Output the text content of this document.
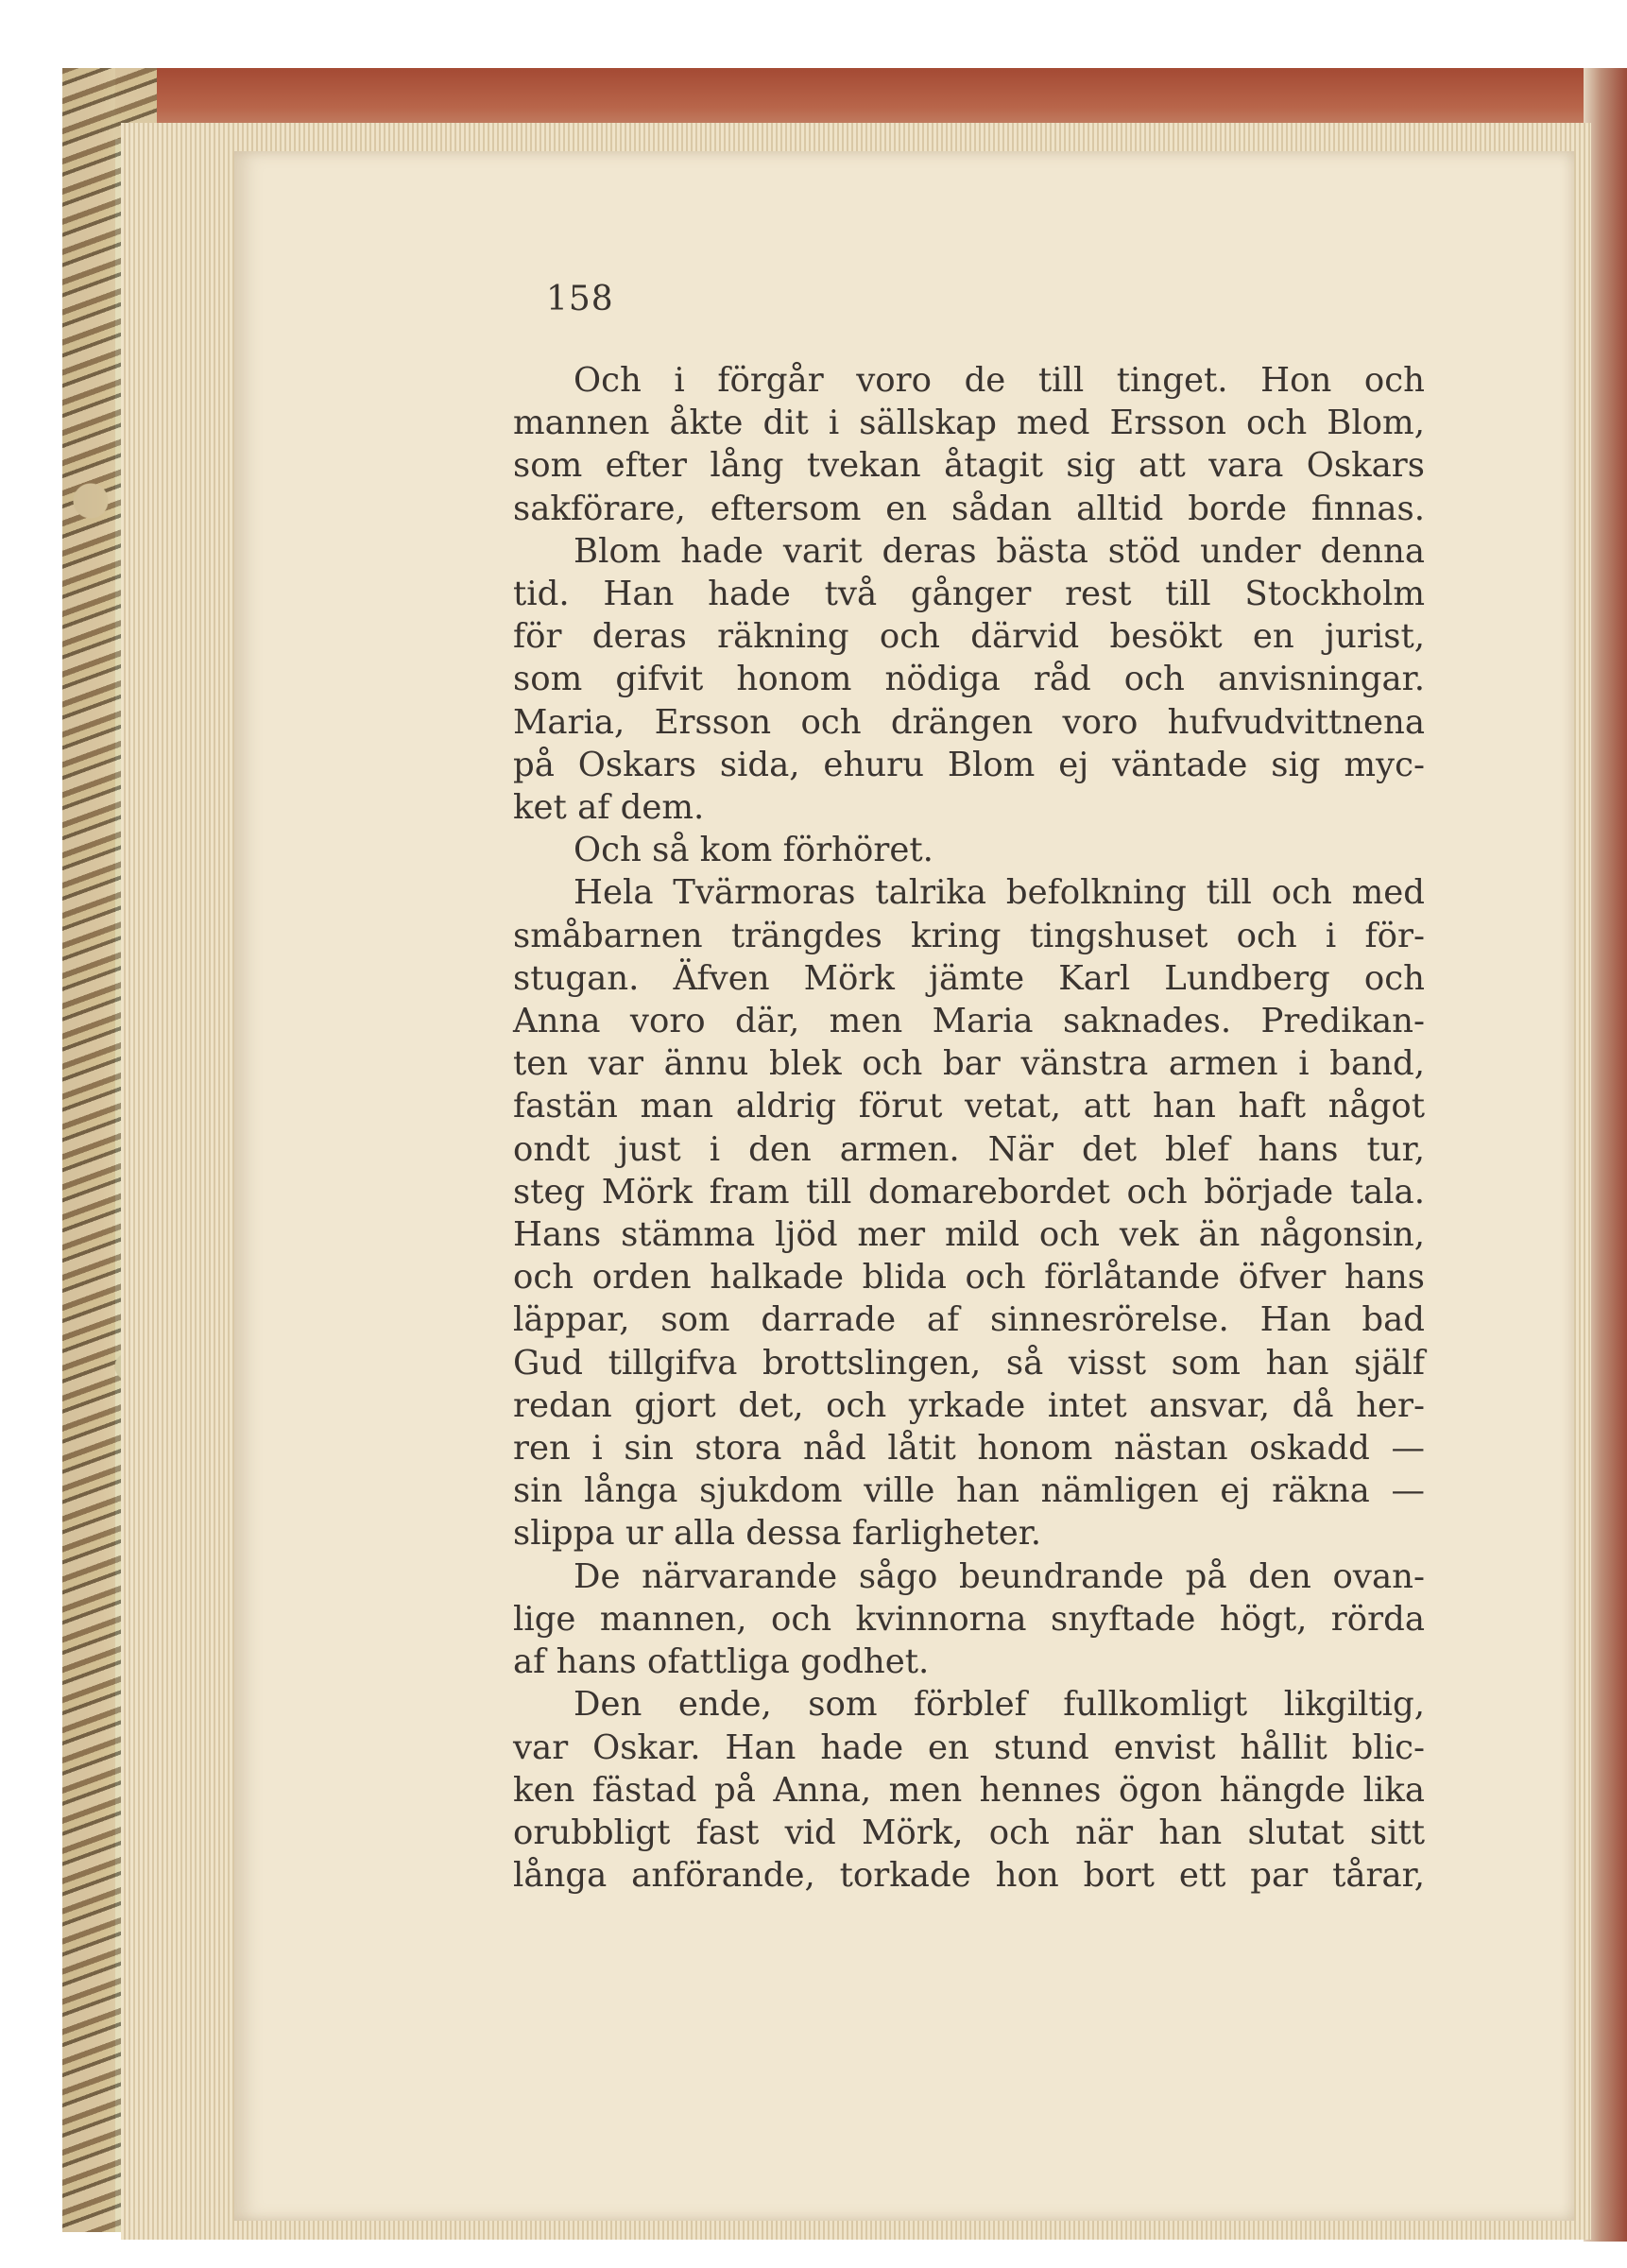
158
Och i förgår voro de till tinget. Hon och
mannen åkte dit i sällskap med Ersson och Blom,
som efter lång tvekan åtagit sig att vara Oskars
sakförare, eftersom en sådan alltid borde finnas.
Blom hade varit deras bästa stöd under denna
tid. Han hade två gånger rest till Stockholm
för deras räkning och därvid besökt en jurist,
som gifvit honom nödiga råd och anvisningar.
Maria, Ersson och drängen voro hufvudvittnena
på Oskars sida, ehuru Blom ej väntade sig myc-
ket af dem.
Och så kom förhöret.
Hela Tvärmoras talrika befolkning till och med
småbarnen trängdes kring tingshuset och i för-
stugan. Äfven Mörk jämte Karl Lundberg och
Anna voro där, men Maria saknades. Predikan-
ten var ännu blek och bar vänstra armen i band,
fastän man aldrig förut vetat, att han haft något
ondt just i den armen. När det blef hans tur,
steg Mörk fram till domarebordet och började tala.
Hans stämma ljöd mer mild och vek än någonsin,
och orden halkade blida och förlåtande öfver hans
läppar, som darrade af sinnesrörelse. Han bad
Gud tillgifva brottslingen, så visst som han själf
redan gjort det, och yrkade intet ansvar, då her-
ren i sin stora nåd låtit honom nästan oskadd —
sin långa sjukdom ville han nämligen ej räkna —
slippa ur alla dessa farligheter.
De närvarande sågo beundrande på den ovan-
lige mannen, och kvinnorna snyftade högt, rörda
af hans ofattliga godhet.
Den ende, som förblef fullkomligt likgiltig,
var Oskar. Han hade en stund envist hållit blic-
ken fästad på Anna, men hennes ögon hängde lika
orubbligt fast vid Mörk, och när han slutat sitt
långa anförande, torkade hon bort ett par tårar,
